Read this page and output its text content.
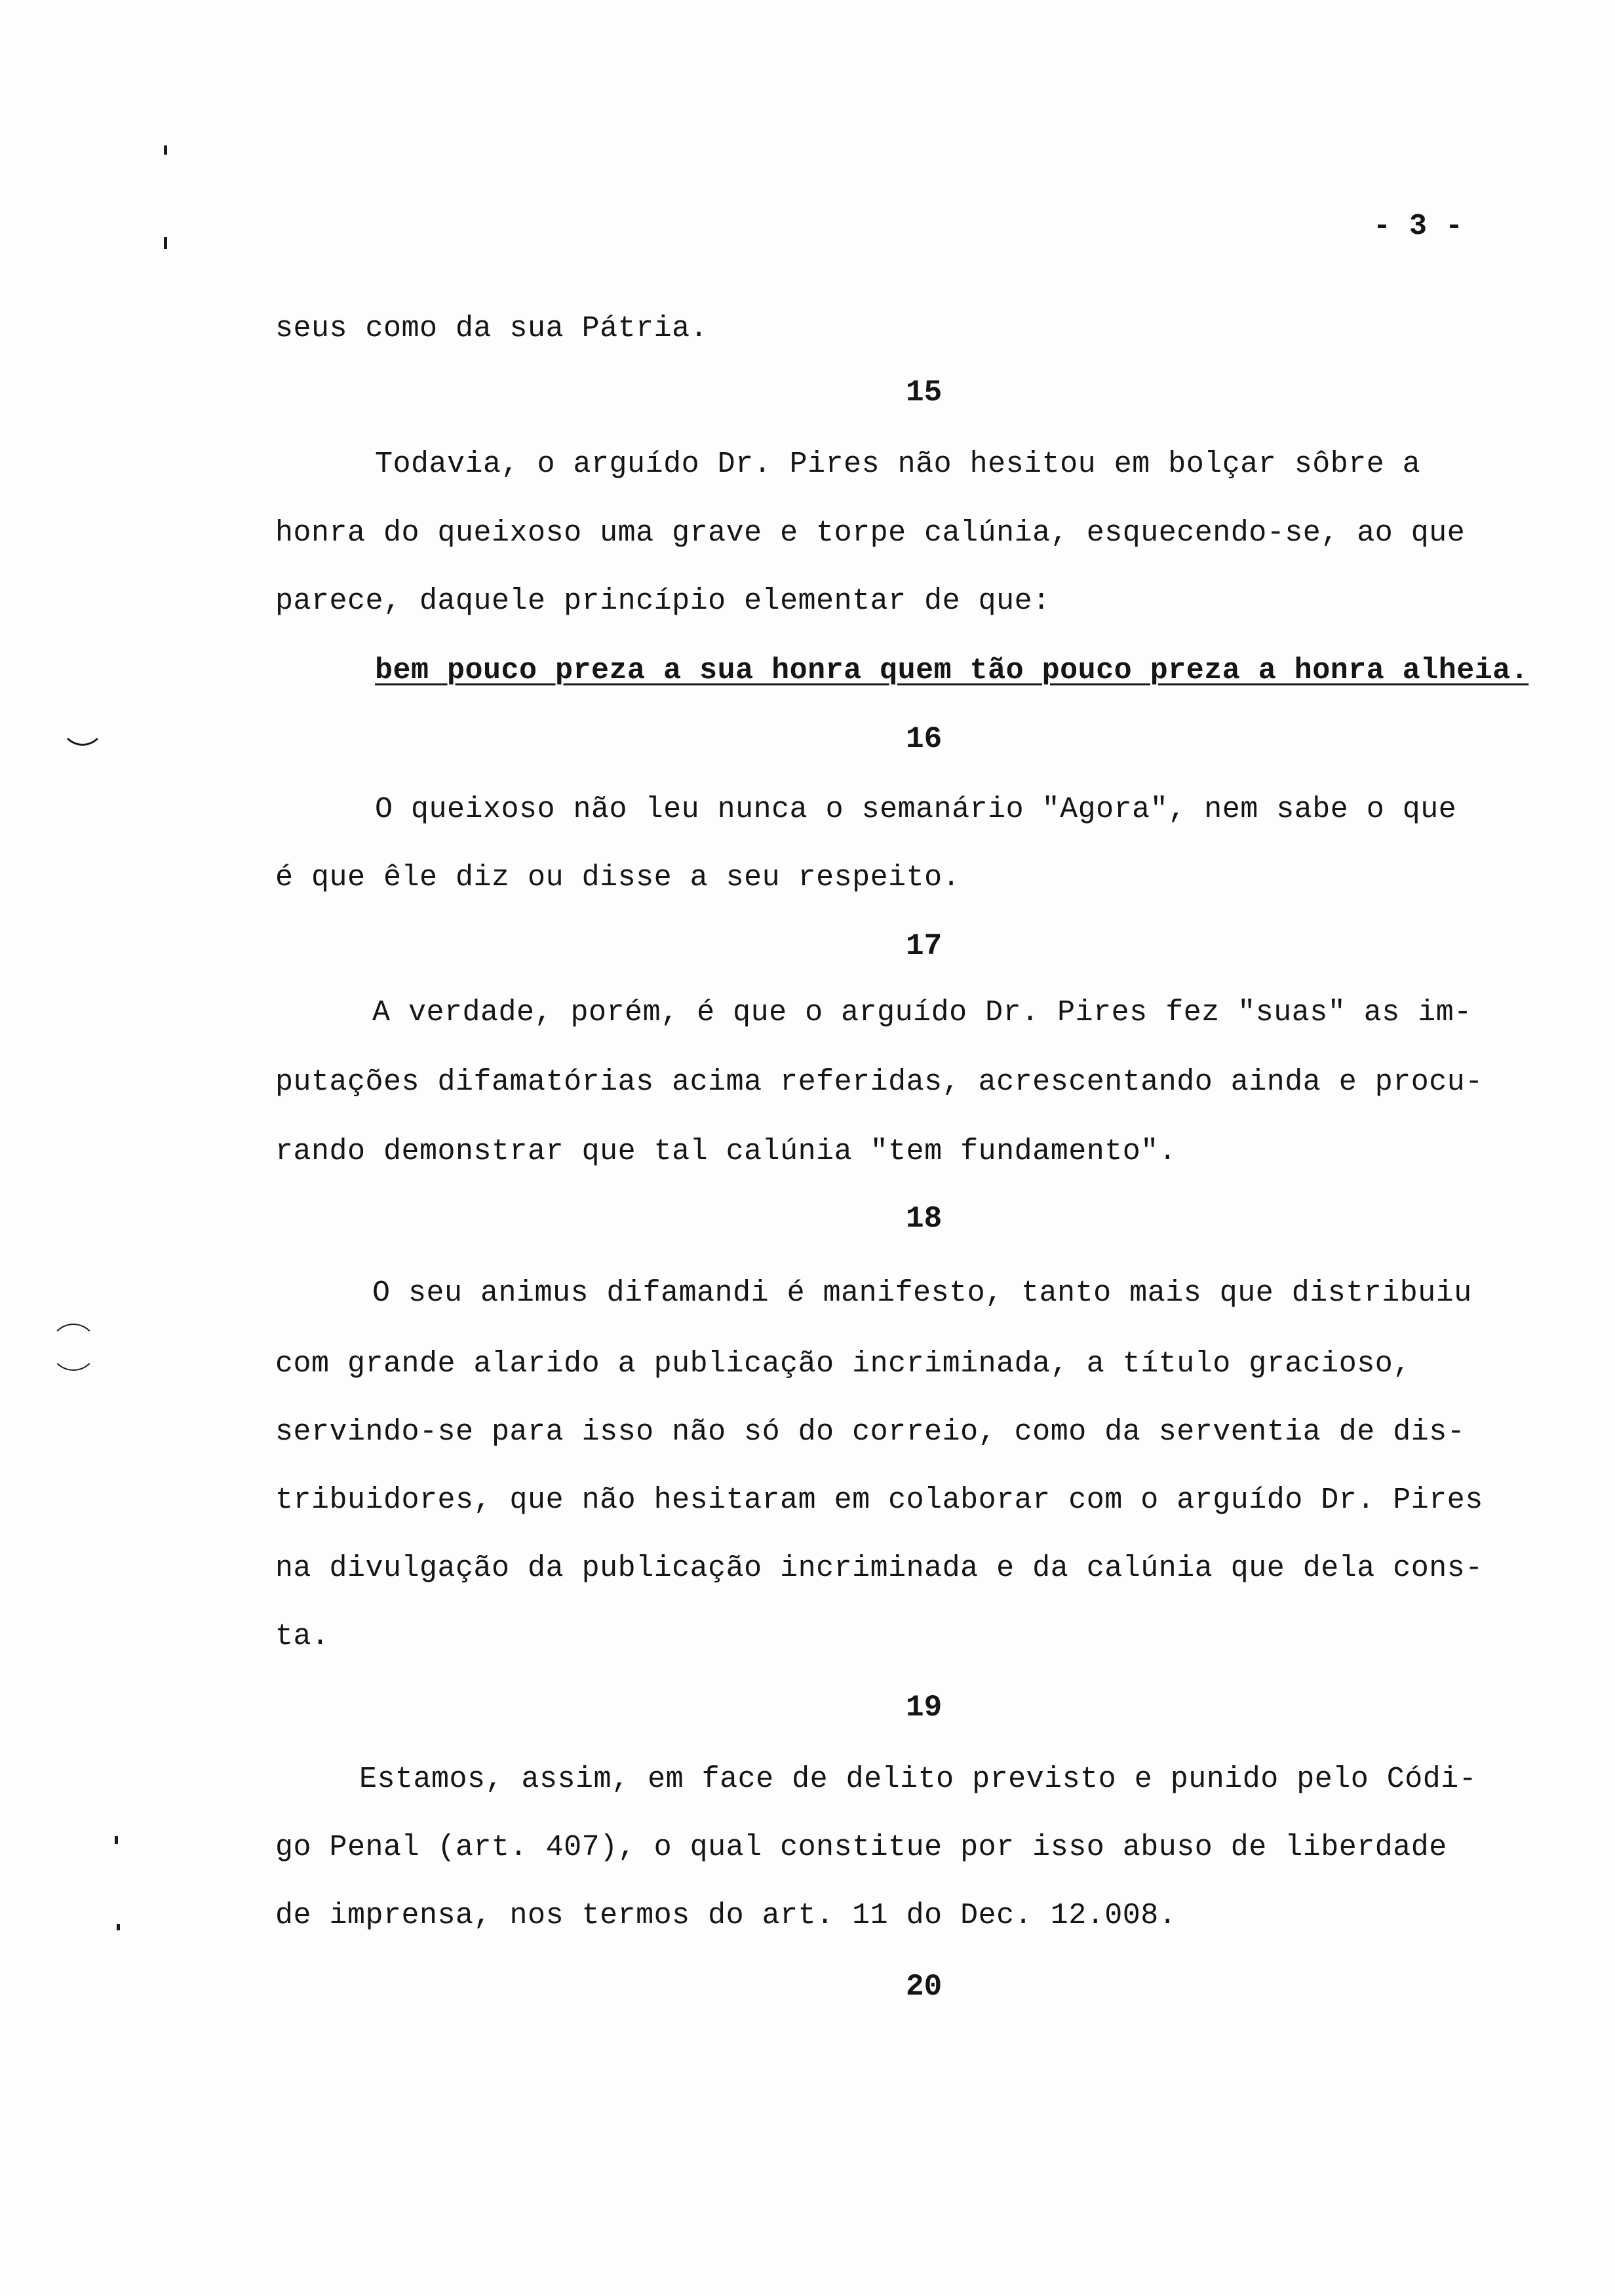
- 3 -
seus como da sua Pátria.
15
Todavia, o arguído Dr. Pires não hesitou em bolçar sôbre a
honra do queixoso uma grave e torpe calúnia, esquecendo-se, ao que
parece, daquele princípio elementar de que:
bem pouco preza a sua honra quem tão pouco preza a honra alheia.
16
O queixoso não leu nunca o semanário "Agora", nem sabe o que
é que êle diz ou disse a seu respeito.
17
A verdade, porém, é que o arguído Dr. Pires fez "suas" as im-
putações difamatórias acima referidas, acrescentando ainda e procu-
rando demonstrar que tal calúnia "tem fundamento".
18
O seu animus difamandi é manifesto, tanto mais que distribuiu
com grande alarido a publicação incriminada, a título gracioso,
servindo-se para isso não só do correio, como da serventia de dis-
tribuidores, que não hesitaram em colaborar com o arguído Dr. Pires
na divulgação da publicação incriminada e da calúnia que dela cons-
ta.
19
Estamos, assim, em face de delito previsto e punido pelo Códi-
go Penal (art. 407), o qual constitue por isso abuso de liberdade
de imprensa, nos termos do art. 11 do Dec. 12.008.
20
